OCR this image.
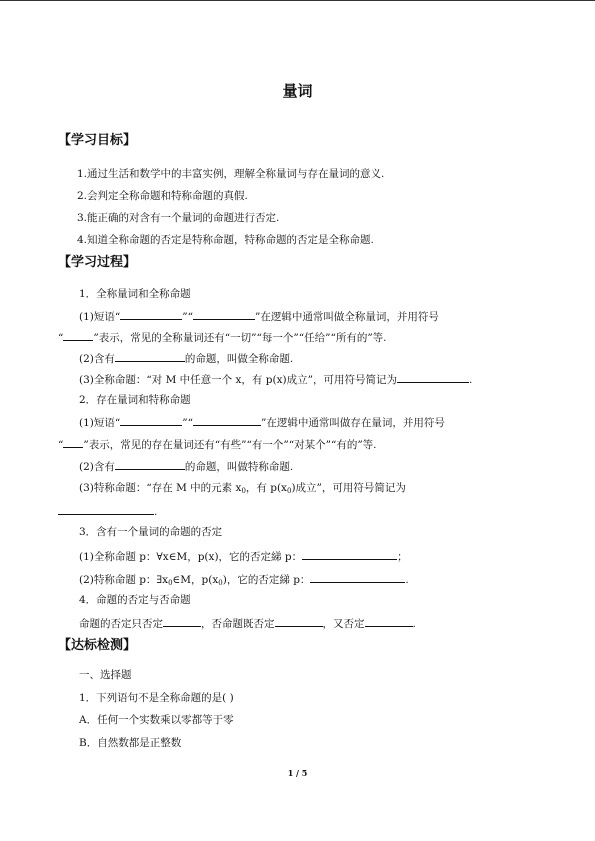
量词
【学习目标】
1.通过生活和数学中的丰富实例，理解全称量词与存在量词的意义.
2.会判定全称命题和特称命题的真假.
3.能正确的对含有一个量词的命题进行否定.
4.知道全称命题的否定是特称命题，特称命题的否定是全称命题.
【学习过程】
1．全称量词和全称命题
(1)短语“	”“	”在逻辑中通常叫做全称量词，并用符号
“	”表示，常见的全称量词还有“一切”“每一个”“任给”“所有的”等.
(2)含有	的命题，叫做全称命题.
(3)全称命题：“对 M 中任意一个 x，有 p(x)成立”，可用符号简记为	.
2．存在量词和特称命题
(1)短语“	”“	”在逻辑中通常叫做存在量词，并用符号
“ ”表示，常见的存在量词还有“有些”“有一个”“对某个”“有的”等.
(2)含有	的命题，叫做特称命题.
(3)特称命题：“存在 M 中的元素 $x_0$，有 $p(x_0)$成立”，可用符号简记为
.
3．含有一个量词的命题的否定
(1)全称命题 p：∀x∈M，p(x)，它的否定綈 p：	；
(2)特称命题 p：$\exists x_0\in M$，$p(x_0)$，它的否定綈 p：	.
4．命题的否定与否命题
命题的否定只否定	，否命题既否定	，又否定	.
【达标检测】
一、选择题
1．下列语句不是全称命题的是( )
A．任何一个实数乘以零都等于零
B．自然数都是正整数
1 / 5
